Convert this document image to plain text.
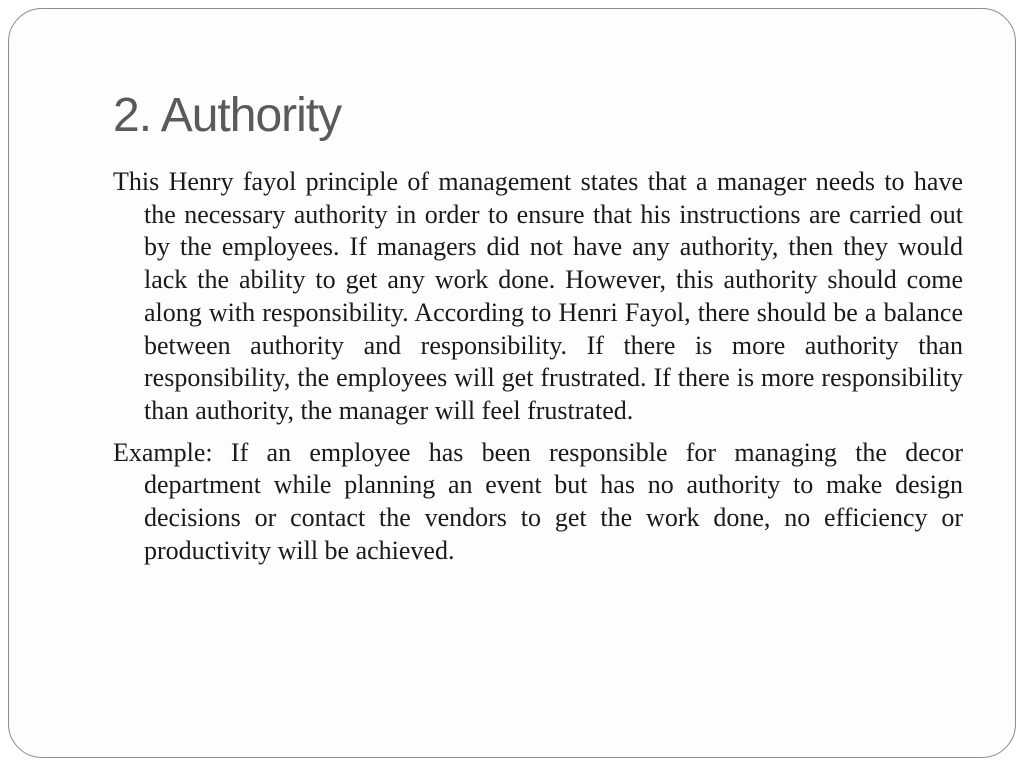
2. Authority

This Henry fayol principle of management states that a manager needs to have the necessary authority in order to ensure that his instructions are carried out by the employees. If managers did not have any authority, then they would lack the ability to get any work done. However, this authority should come along with responsibility. According to Henri Fayol, there should be a balance between authority and responsibility. If there is more authority than responsibility, the employees will get frustrated. If there is more responsibility than authority, the manager will feel frustrated.

Example: If an employee has been responsible for managing the decor department while planning an event but has no authority to make design decisions or contact the vendors to get the work done, no efficiency or productivity will be achieved.
